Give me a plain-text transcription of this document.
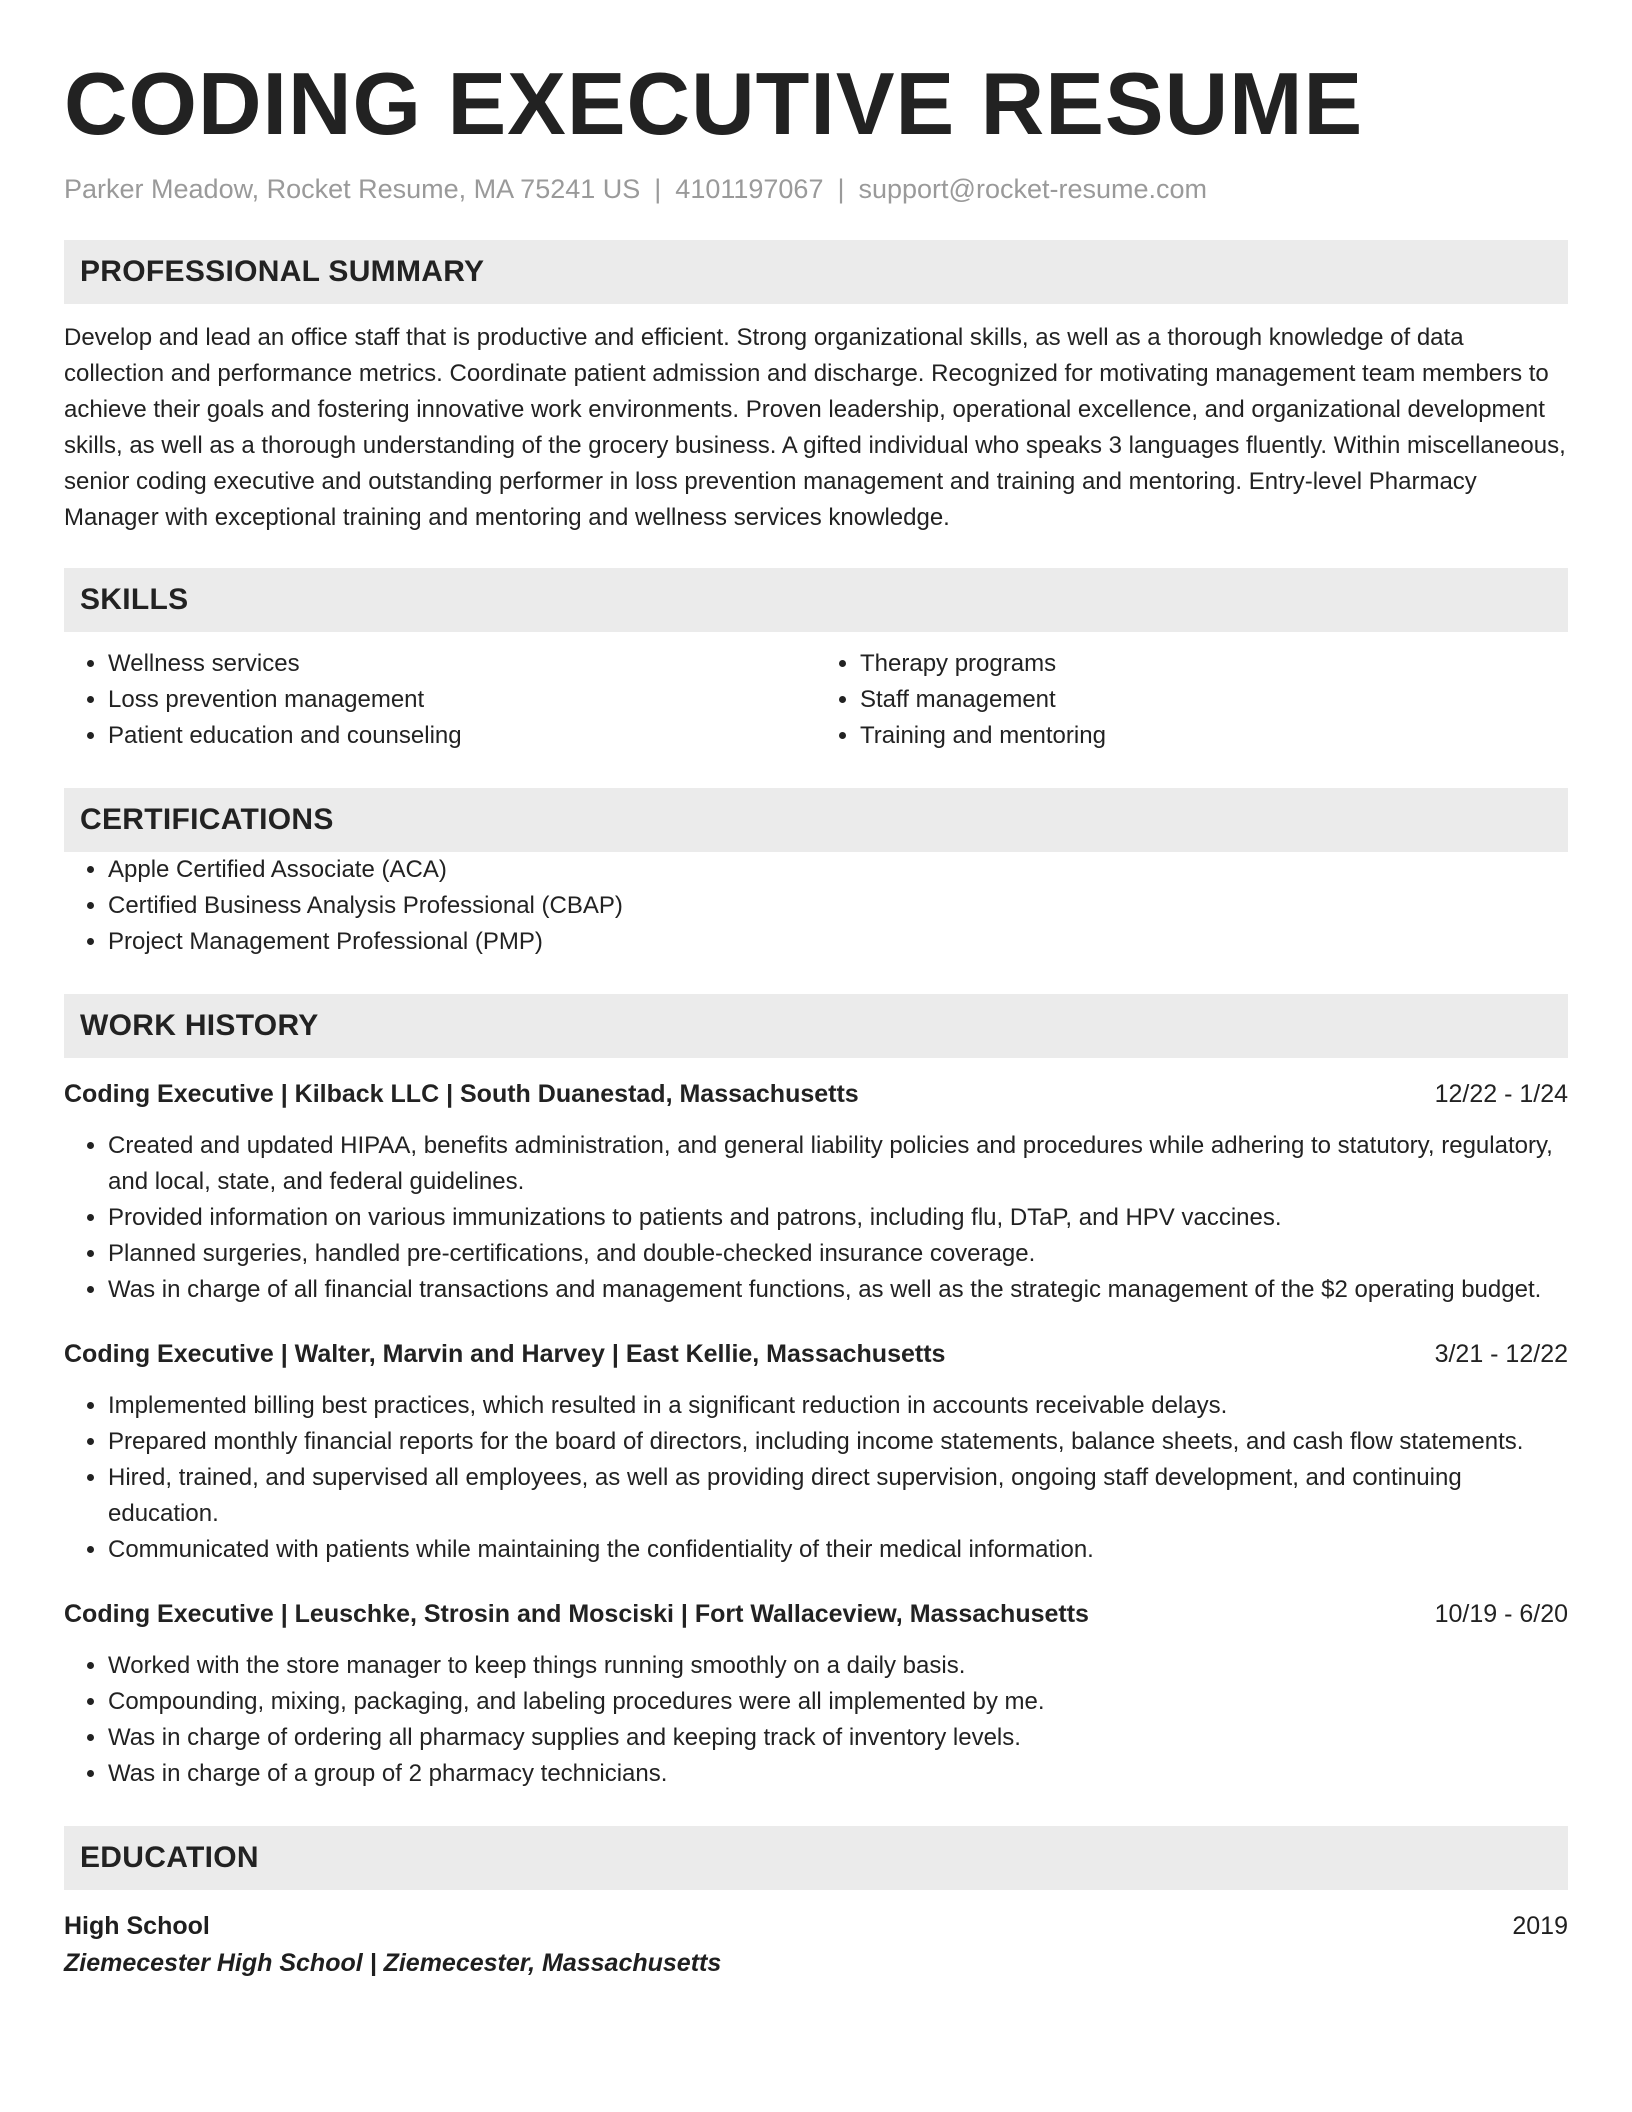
CODING EXECUTIVE RESUME
Parker Meadow, Rocket Resume, MA 75241 US | 4101197067 | support@rocket-resume.com
PROFESSIONAL SUMMARY

Develop and lead an office staff that is productive and efficient. Strong organizational skills, as well as a thorough knowledge of data collection and performance metrics. Coordinate patient admission and discharge. Recognized for motivating management team members to achieve their goals and fostering innovative work environments. Proven leadership, operational excellence, and organizational development skills, as well as a thorough understanding of the grocery business. A gifted individual who speaks 3 languages fluently. Within miscellaneous, senior coding executive and outstanding performer in loss prevention management and training and mentoring. Entry-level Pharmacy Manager with exceptional training and mentoring and wellness services knowledge.

SKILLS
• Wellness services
• Loss prevention management
• Patient education and counseling
• Therapy programs
• Staff management
• Training and mentoring
CERTIFICATIONS
• Apple Certified Associate (ACA)
• Certified Business Analysis Professional (CBAP)
• Project Management Professional (PMP)
WORK HISTORY
Coding Executive | Kilback LLC | South Duanestad, Massachusetts	12/22 - 1/24
• Created and updated HIPAA, benefits administration, and general liability policies and procedures while adhering to statutory, regulatory, and local, state, and federal guidelines.
• Provided information on various immunizations to patients and patrons, including flu, DTaP, and HPV vaccines.
• Planned surgeries, handled pre-certifications, and double-checked insurance coverage.
• Was in charge of all financial transactions and management functions, as well as the strategic management of the $2 operating budget.
Coding Executive | Walter, Marvin and Harvey | East Kellie, Massachusetts	3/21 - 12/22
• Implemented billing best practices, which resulted in a significant reduction in accounts receivable delays.
• Prepared monthly financial reports for the board of directors, including income statements, balance sheets, and cash flow statements.
• Hired, trained, and supervised all employees, as well as providing direct supervision, ongoing staff development, and continuing education.
• Communicated with patients while maintaining the confidentiality of their medical information.
Coding Executive | Leuschke, Strosin and Mosciski | Fort Wallaceview, Massachusetts	10/19 - 6/20
• Worked with the store manager to keep things running smoothly on a daily basis.
• Compounding, mixing, packaging, and labeling procedures were all implemented by me.
• Was in charge of ordering all pharmacy supplies and keeping track of inventory levels.
• Was in charge of a group of 2 pharmacy technicians.
EDUCATION
High School	2019
Ziemecester High School | Ziemecester, Massachusetts
